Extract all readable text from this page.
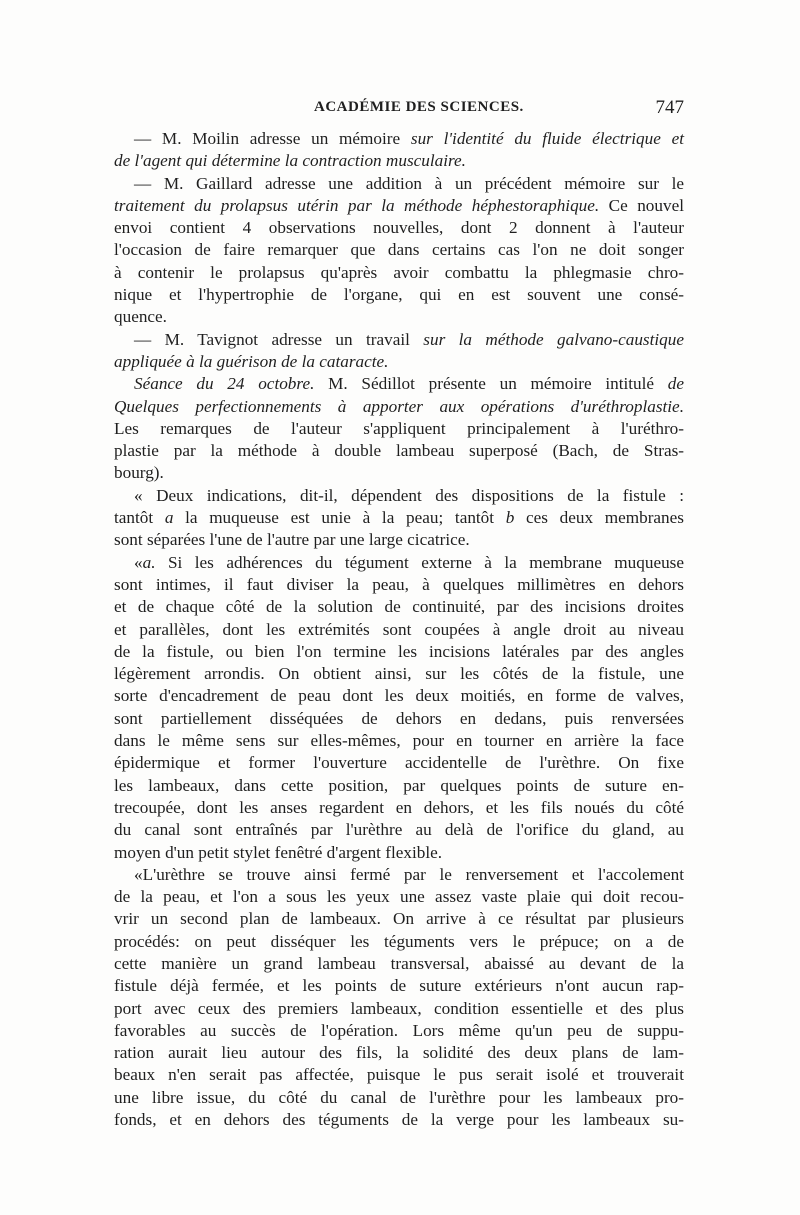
ACADÉMIE DES SCIENCES.	747
— M. Moilin adresse un mémoire sur l'identité du fluide électrique et
de l'agent qui détermine la contraction musculaire.
— M. Gaillard adresse une addition à un précédent mémoire sur le
traitement du prolapsus utérin par la méthode héphestoraphique. Ce nouvel
envoi contient 4 observations nouvelles, dont 2 donnent à l'auteur
l'occasion de faire remarquer que dans certains cas l'on ne doit songer
à contenir le prolapsus qu'après avoir combattu la phlegmasie chro-
nique et l'hypertrophie de l'organe, qui en est souvent une consé-
quence.
— M. Tavignot adresse un travail sur la méthode galvano-caustique
appliquée à la guérison de la cataracte.
Séance du 24 octobre. M. Sédillot présente un mémoire intitulé de
Quelques perfectionnements à apporter aux opérations d'uréthroplastie.
Les remarques de l'auteur s'appliquent principalement à l'uréthro-
plastie par la méthode à double lambeau superposé (Bach, de Stras-
bourg).
« Deux indications, dit-il, dépendent des dispositions de la fistule :
tantôt a la muqueuse est unie à la peau; tantôt b ces deux membranes
sont séparées l'une de l'autre par une large cicatrice.
«a. Si les adhérences du tégument externe à la membrane muqueuse
sont intimes, il faut diviser la peau, à quelques millimètres en dehors
et de chaque côté de la solution de continuité, par des incisions droites
et parallèles, dont les extrémités sont coupées à angle droit au niveau
de la fistule, ou bien l'on termine les incisions latérales par des angles
légèrement arrondis. On obtient ainsi, sur les côtés de la fistule, une
sorte d'encadrement de peau dont les deux moitiés, en forme de valves,
sont partiellement disséquées de dehors en dedans, puis renversées
dans le même sens sur elles-mêmes, pour en tourner en arrière la face
épidermique et former l'ouverture accidentelle de l'urèthre. On fixe
les lambeaux, dans cette position, par quelques points de suture en-
trecoupée, dont les anses regardent en dehors, et les fils noués du côté
du canal sont entraînés par l'urèthre au delà de l'orifice du gland, au
moyen d'un petit stylet fenêtré d'argent flexible.
«L'urèthre se trouve ainsi fermé par le renversement et l'accolement
de la peau, et l'on a sous les yeux une assez vaste plaie qui doit recou-
vrir un second plan de lambeaux. On arrive à ce résultat par plusieurs
procédés: on peut disséquer les téguments vers le prépuce; on a de
cette manière un grand lambeau transversal, abaissé au devant de la
fistule déjà fermée, et les points de suture extérieurs n'ont aucun rap-
port avec ceux des premiers lambeaux, condition essentielle et des plus
favorables au succès de l'opération. Lors même qu'un peu de suppu-
ration aurait lieu autour des fils, la solidité des deux plans de lam-
beaux n'en serait pas affectée, puisque le pus serait isolé et trouverait
une libre issue, du côté du canal de l'urèthre pour les lambeaux pro-
fonds, et en dehors des téguments de la verge pour les lambeaux su-
